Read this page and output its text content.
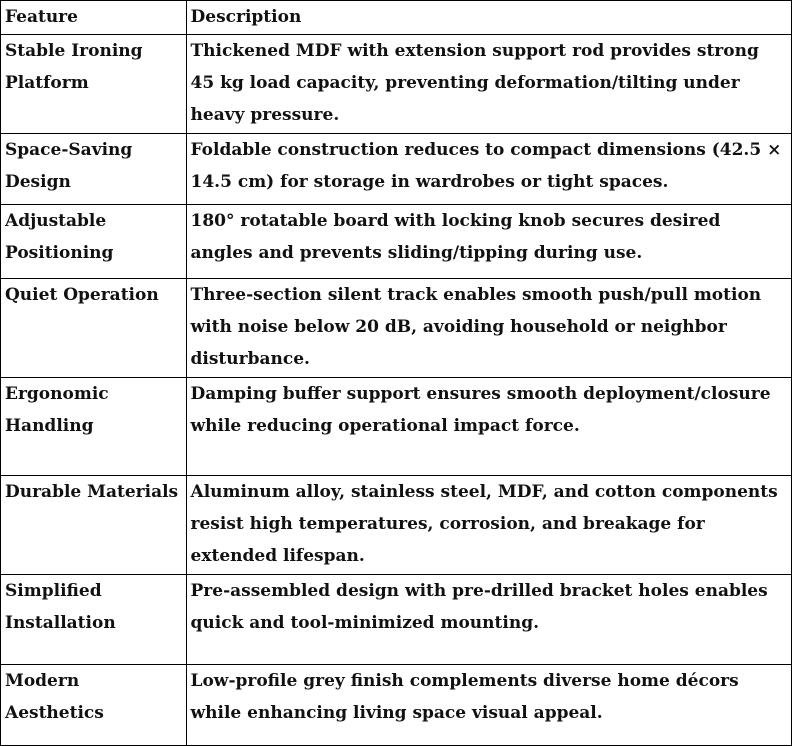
Feature	Description
Stable Ironing Platform	Thickened MDF with extension support rod provides strong 45 kg load capacity, preventing deformation/tilting under heavy pressure.
Space-Saving Design	Foldable construction reduces to compact dimensions (42.5 × 14.5 cm) for storage in wardrobes or tight spaces.
Adjustable Positioning	180° rotatable board with locking knob secures desired angles and prevents sliding/tipping during use.
Quiet Operation	Three-section silent track enables smooth push/pull motion with noise below 20 dB, avoiding household or neighbor disturbance.
Ergonomic Handling	Damping buffer support ensures smooth deployment/closure while reducing operational impact force.
Durable Materials	Aluminum alloy, stainless steel, MDF, and cotton components resist high temperatures, corrosion, and breakage for extended lifespan.
Simplified Installation	Pre-assembled design with pre-drilled bracket holes enables quick and tool-minimized mounting.
Modern Aesthetics	Low-profile grey finish complements diverse home décors while enhancing living space visual appeal.
